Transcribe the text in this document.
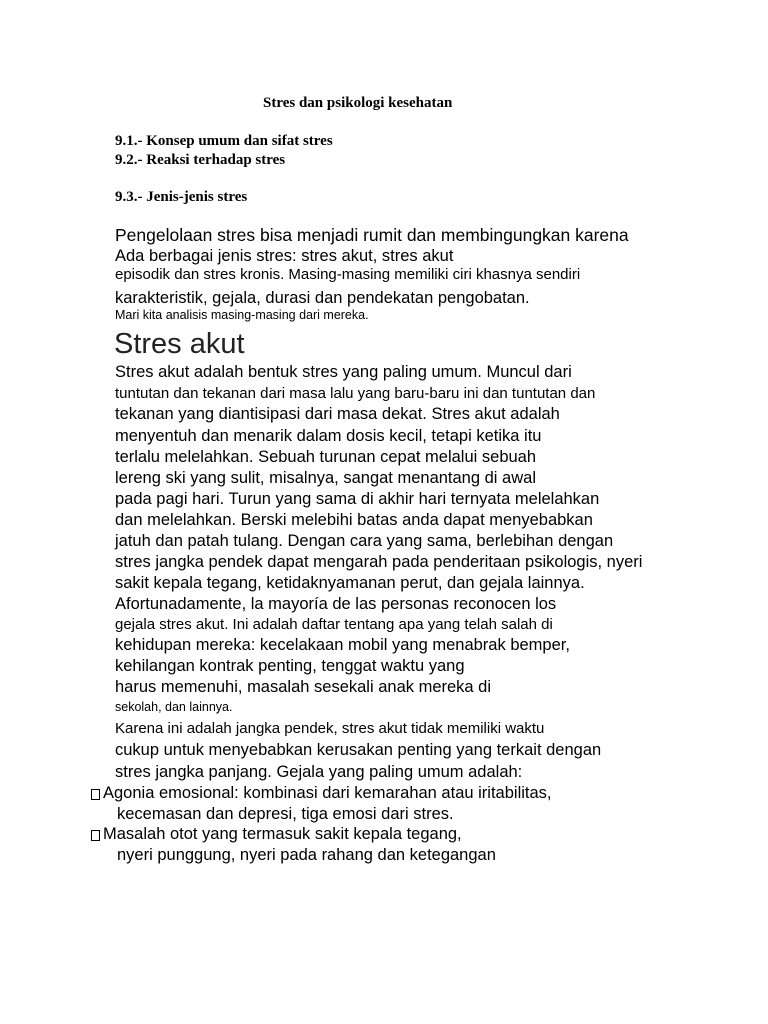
Stres dan psikologi kesehatan
9.1.- Konsep umum dan sifat stres
9.2.- Reaksi terhadap stres
9.3.- Jenis-jenis stres
Pengelolaan stres bisa menjadi rumit dan membingungkan karena
Ada berbagai jenis stres: stres akut, stres akut
episodik dan stres kronis. Masing-masing memiliki ciri khasnya sendiri
karakteristik, gejala, durasi dan pendekatan pengobatan.
Mari kita analisis masing-masing dari mereka.
Stres akut
Stres akut adalah bentuk stres yang paling umum. Muncul dari
tuntutan dan tekanan dari masa lalu yang baru-baru ini dan tuntutan dan
tekanan yang diantisipasi dari masa dekat. Stres akut adalah
menyentuh dan menarik dalam dosis kecil, tetapi ketika itu
terlalu melelahkan. Sebuah turunan cepat melalui sebuah
lereng ski yang sulit, misalnya, sangat menantang di awal
pada pagi hari. Turun yang sama di akhir hari ternyata melelahkan
dan melelahkan. Berski melebihi batas anda dapat menyebabkan
jatuh dan patah tulang. Dengan cara yang sama, berlebihan dengan
stres jangka pendek dapat mengarah pada penderitaan psikologis, nyeri
sakit kepala tegang, ketidaknyamanan perut, dan gejala lainnya.
Afortunadamente, la mayoría de las personas reconocen los
gejala stres akut. Ini adalah daftar tentang apa yang telah salah di
kehidupan mereka: kecelakaan mobil yang menabrak bemper,
kehilangan kontrak penting, tenggat waktu yang
harus memenuhi, masalah sesekali anak mereka di
sekolah, dan lainnya.
Karena ini adalah jangka pendek, stres akut tidak memiliki waktu
cukup untuk menyebabkan kerusakan penting yang terkait dengan
stres jangka panjang. Gejala yang paling umum adalah:
Agonia emosional: kombinasi dari kemarahan atau iritabilitas,
kecemasan dan depresi, tiga emosi dari stres.
Masalah otot yang termasuk sakit kepala tegang,
nyeri punggung, nyeri pada rahang dan ketegangan
